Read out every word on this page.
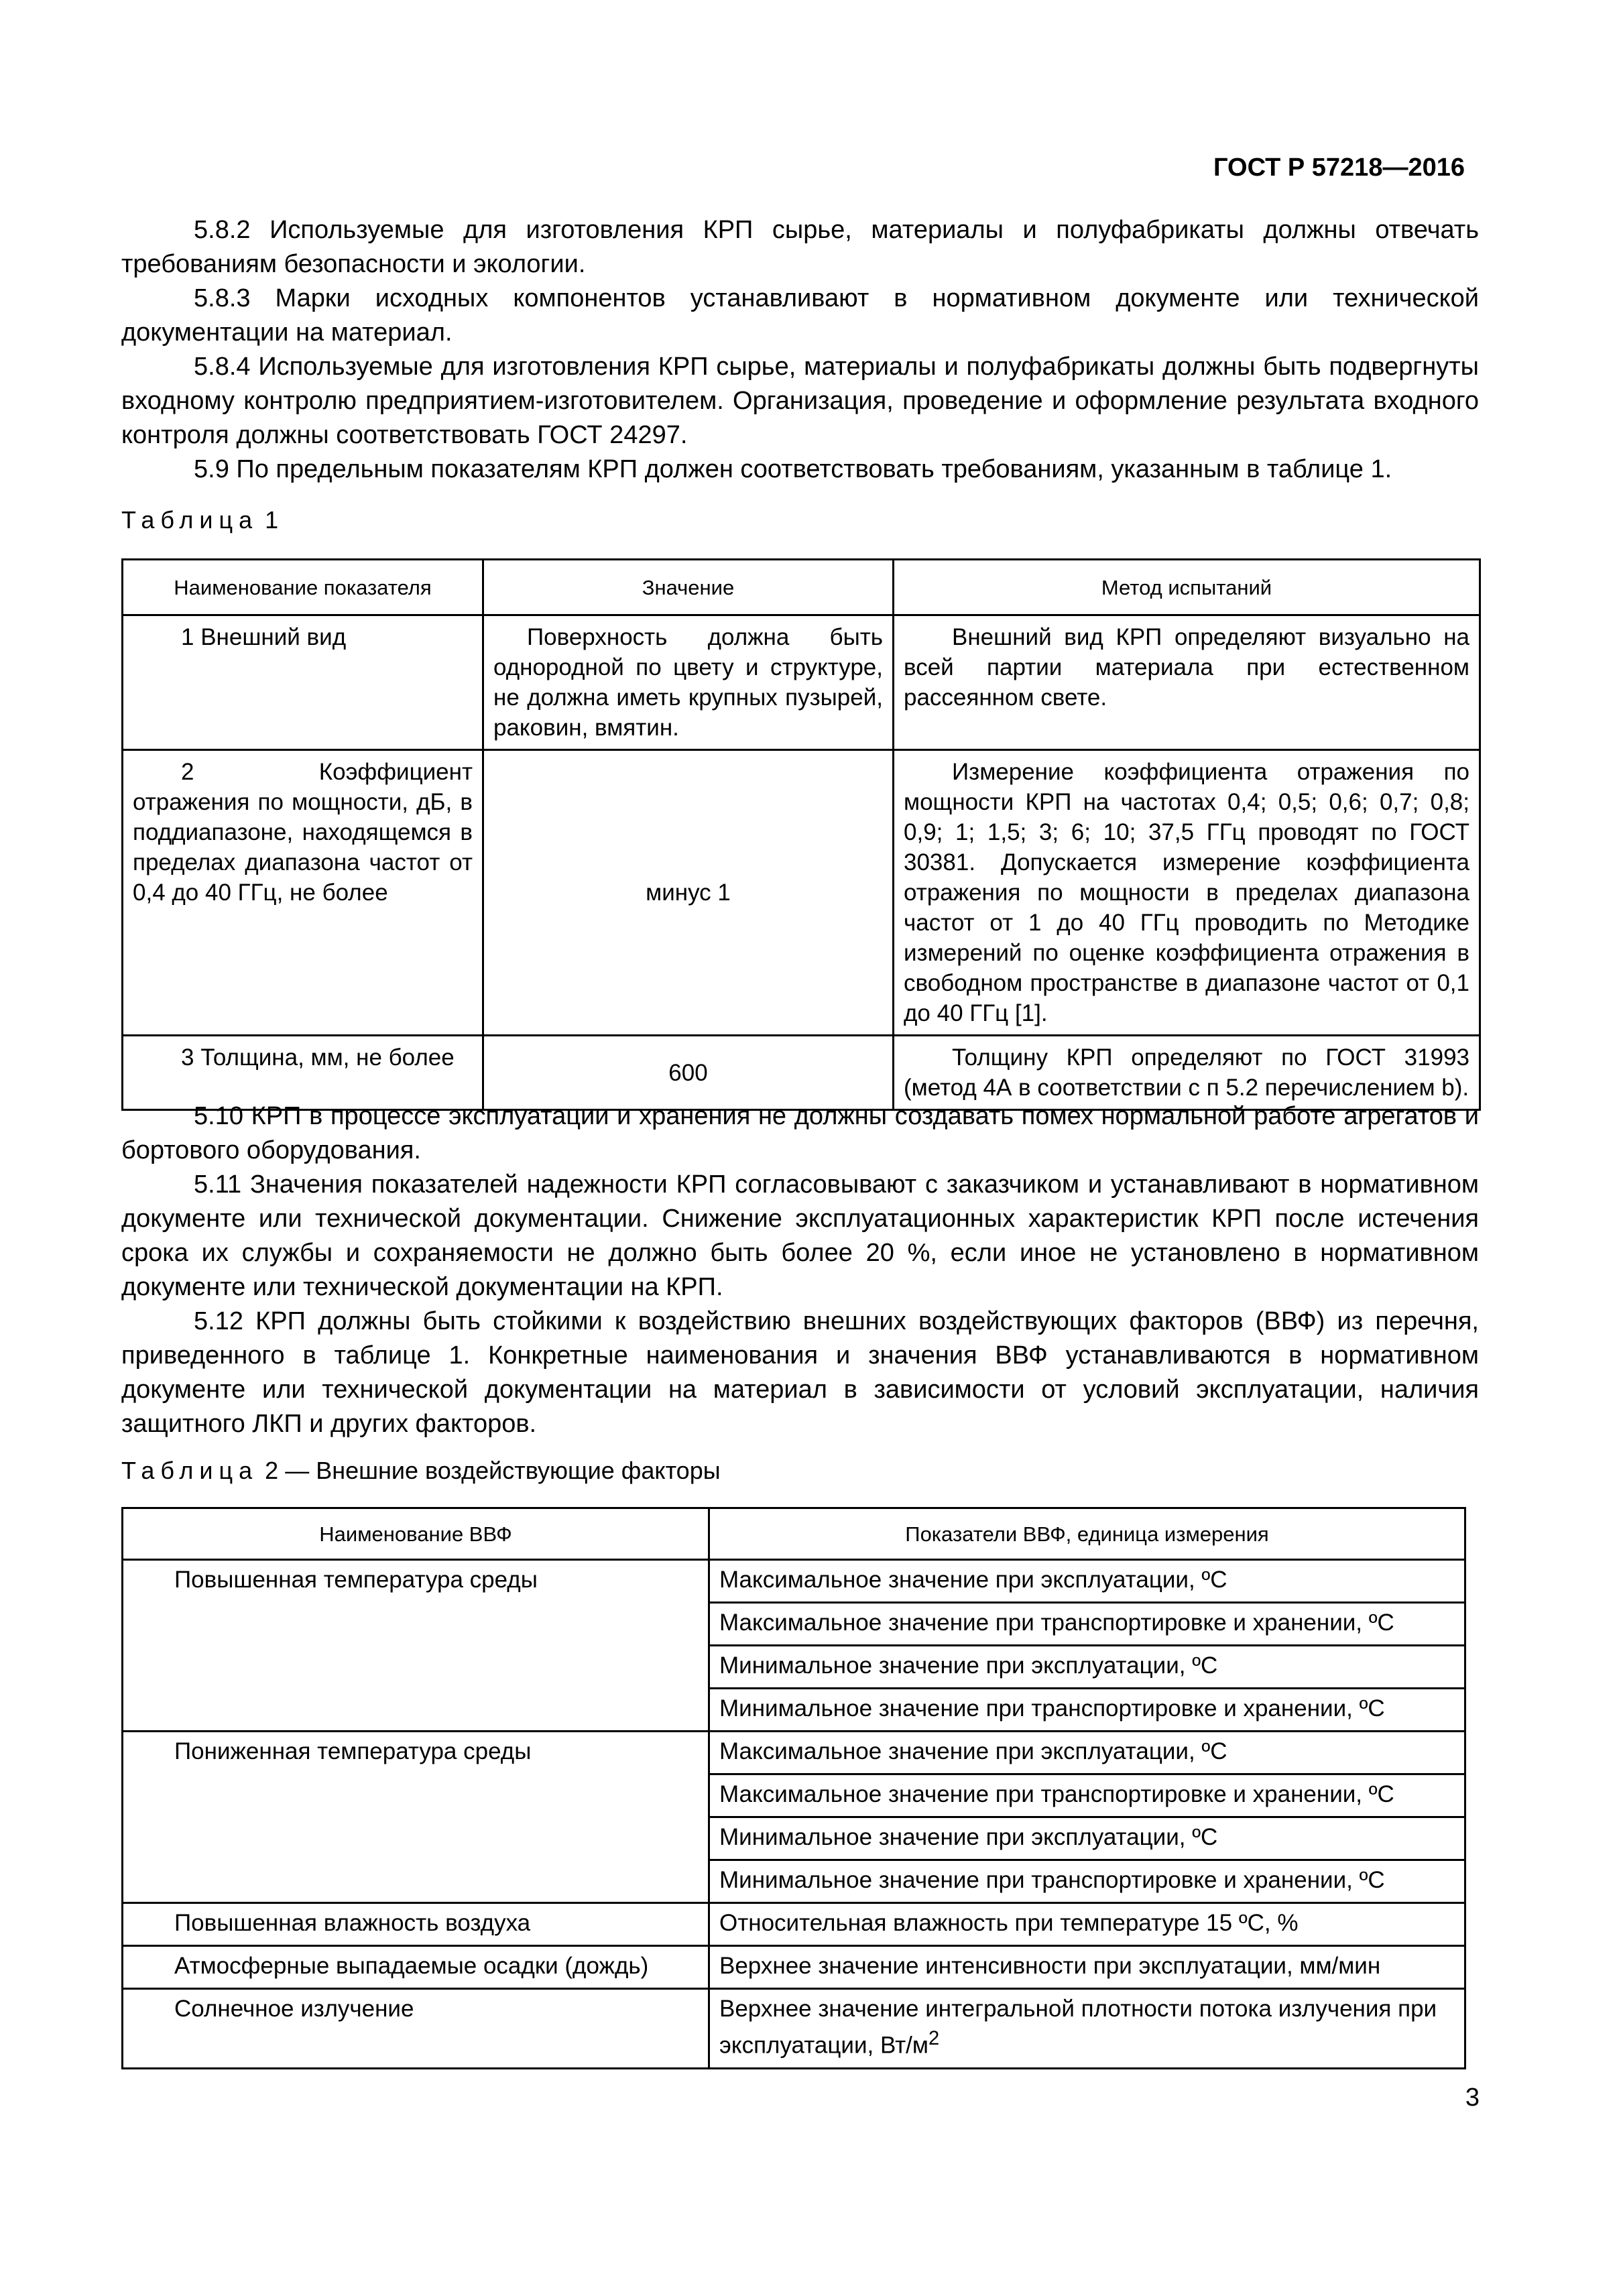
ГОСТ Р 57218—2016

5.8.2 Используемые для изготовления КРП сырье, материалы и полуфабрикаты должны отвечать требованиям безопасности и экологии.

5.8.3 Марки исходных компонентов устанавливают в нормативном документе или технической документации на материал.

5.8.4 Используемые для изготовления КРП сырье, материалы и полуфабрикаты должны быть подвергнуты входному контролю предприятием-изготовителем. Организация, проведение и оформление результата входного контроля должны соответствовать ГОСТ 24297.

5.9 По предельным показателям КРП должен соответствовать требованиям, указанным в таблице 1.

Таблица 1
Наименование показателя	Значение	Метод испытаний
1 Внешний вид	Поверхность должна быть однородной по цвету и структуре, не должна иметь крупных пузырей, раковин, вмятин.	Внешний вид КРП определяют визуально на всей партии материала при естественном рассеянном свете.
2 Коэффициент отражения по мощности, дБ, в поддиапазоне, находящемся в пределах диапазона частот от 0,4 до 40 ГГц, не более	минус 1	Измерение коэффициента отражения по мощности КРП на частотах 0,4; 0,5; 0,6; 0,7; 0,8; 0,9; 1; 1,5; 3; 6; 10; 37,5 ГГц проводят по ГОСТ 30381. Допускается измерение коэффициента отражения по мощности в пределах диапазона частот от 1 до 40 ГГц проводить по Методике измерений по оценке коэффициента отражения в свободном пространстве в диапазоне частот от 0,1 до 40 ГГц [1].
3 Толщина, мм, не более	600	Толщину КРП определяют по ГОСТ 31993 (метод 4А в соответствии с п 5.2 перечислением b).

5.10 КРП в процессе эксплуатации и хранения не должны создавать помех нормальной работе агрегатов и бортового оборудования.

5.11 Значения показателей надежности КРП согласовывают с заказчиком и устанавливают в нормативном документе или технической документации. Снижение эксплуатационных характеристик КРП после истечения срока их службы и сохраняемости не должно быть более 20 %, если иное не установлено в нормативном документе или технической документации на КРП.

5.12 КРП должны быть стойкими к воздействию внешних воздействующих факторов (ВВФ) из перечня, приведенного в таблице 1. Конкретные наименования и значения ВВФ устанавливаются в нормативном документе или технической документации на материал в зависимости от условий эксплуатации, наличия защитного ЛКП и других факторов.

Таблица 2 — Внешние воздействующие факторы
Наименование ВВФ	Показатели ВВФ, единица измерения
Повышенная температура среды	Максимальное значение при эксплуатации, ºС
	Максимальное значение при транспортировке и хранении, ºС
	Минимальное значение при эксплуатации, ºС
	Минимальное значение при транспортировке и хранении, ºС
Пониженная температура среды	Максимальное значение при эксплуатации, ºС
	Максимальное значение при транспортировке и хранении, ºС
	Минимальное значение при эксплуатации, ºС
	Минимальное значение при транспортировке и хранении, ºС
Повышенная влажность воздуха	Относительная влажность при температуре 15 ºС, %
Атмосферные выпадаемые осадки (дождь)	Верхнее значение интенсивности при эксплуатации, мм/мин
Солнечное излучение	Верхнее значение интегральной плотности потока излучения при эксплуатации, $Вт/м^2$
3
